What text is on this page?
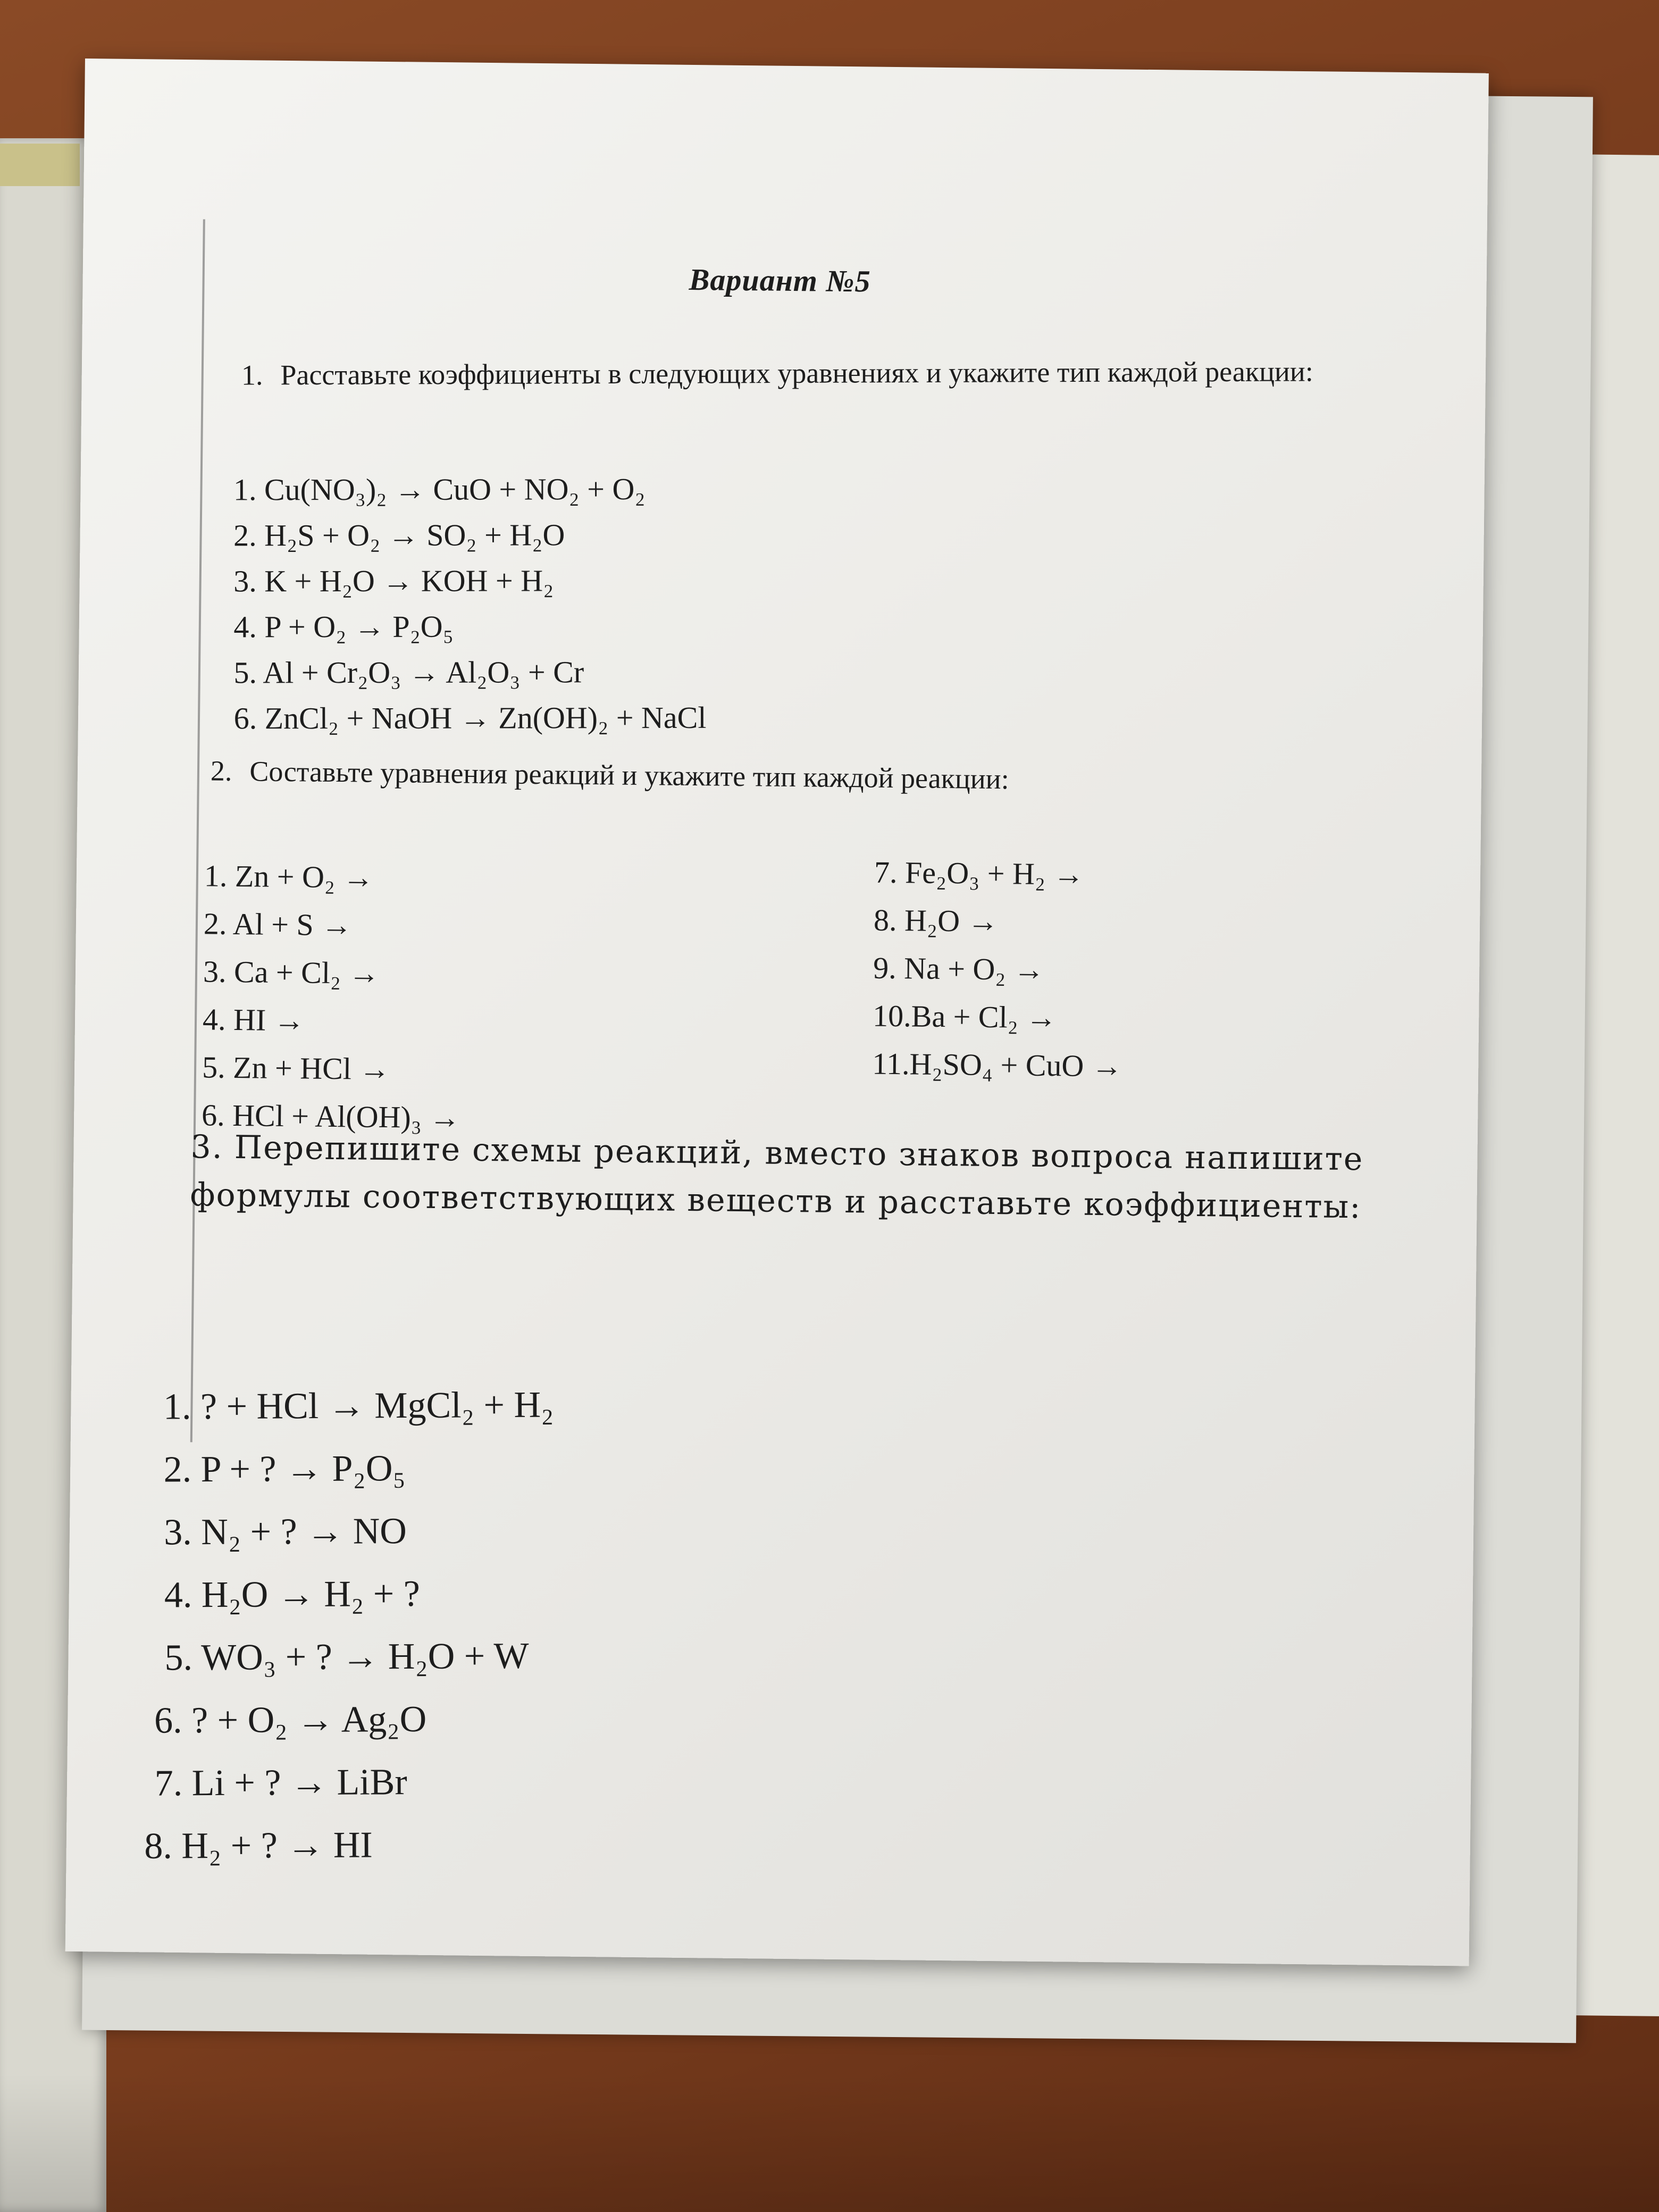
Вариант №5
1. Расставьте коэффициенты в следующих уравнениях и укажите тип каждой реакции:
1. Cu(NO₃)₂ → CuO + NO₂ + O₂
2. H₂S + O₂ → SO₂ + H₂O
3. K + H₂O → KOH + H₂
4. P + O₂ → P₂O₅
5. Al + Cr₂O₃ → Al₂O₃ + Cr
6. ZnCl₂ + NaOH → Zn(OH)₂ + NaCl
2. Составьте уравнения реакций и укажите тип каждой реакции:
1. Zn + O₂ →
2. Al + S →
3. Ca + Cl₂ →
4. HI →
5. Zn + HCl →
6. HCl + Al(OH)₃ →
7. Fe₂O₃ + H₂ →
8. H₂O →
9. Na + O₂ →
10.Ba + Cl₂ →
11.H₂SO₄ + CuO →
3. Перепишите схемы реакций, вместо знаков вопроса напишите формулы соответствующих веществ и расставьте коэффициенты:
1. ? + HCl → MgCl₂ + H₂
2. P + ? → P₂O₅
3. N₂ + ? → NO
4. H₂O → H₂ + ?
5. WO₃ + ? → H₂O + W
6. ? + O₂ → Ag₂O
7. Li + ? → LiBr
8. H₂ + ? → HI
